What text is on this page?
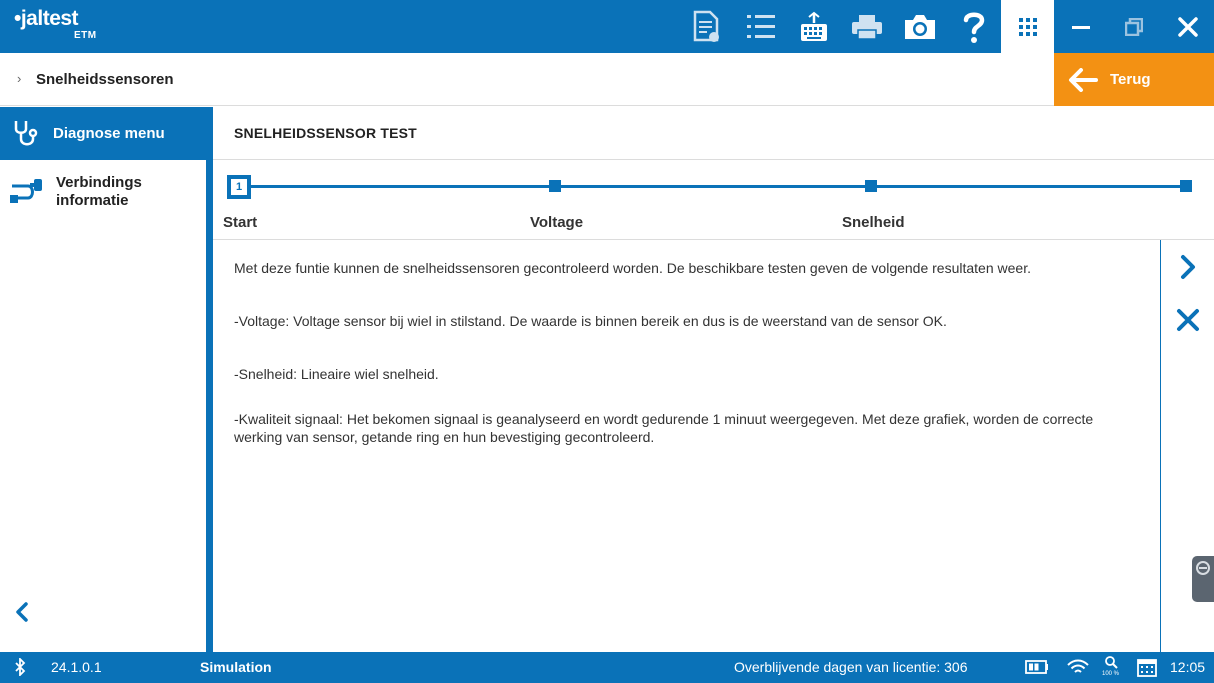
•jaltest
ETM
› Snelheidssensoren	Terug
Diagnose menu
Verbindings informatie
SNELHEIDSSENSOR TEST
1
Start	Voltage	Snelheid

Met deze funtie kunnen de snelheidssensoren gecontroleerd worden. De beschikbare testen geven de volgende resultaten weer.

-Voltage: Voltage sensor bij wiel in stilstand. De waarde is binnen bereik en dus is de weerstand van de sensor OK.

-Snelheid: Lineaire wiel snelheid.

-Kwaliteit signaal: Het bekomen signaal is geanalyseerd en wordt gedurende 1 minuut weergegeven. Met deze grafiek, worden de correcte werking van sensor, getande ring en hun bevestiging gecontroleerd.

24.1.0.1	Simulation	Overblijvende dagen van licentie: 306	100 %	12:05
